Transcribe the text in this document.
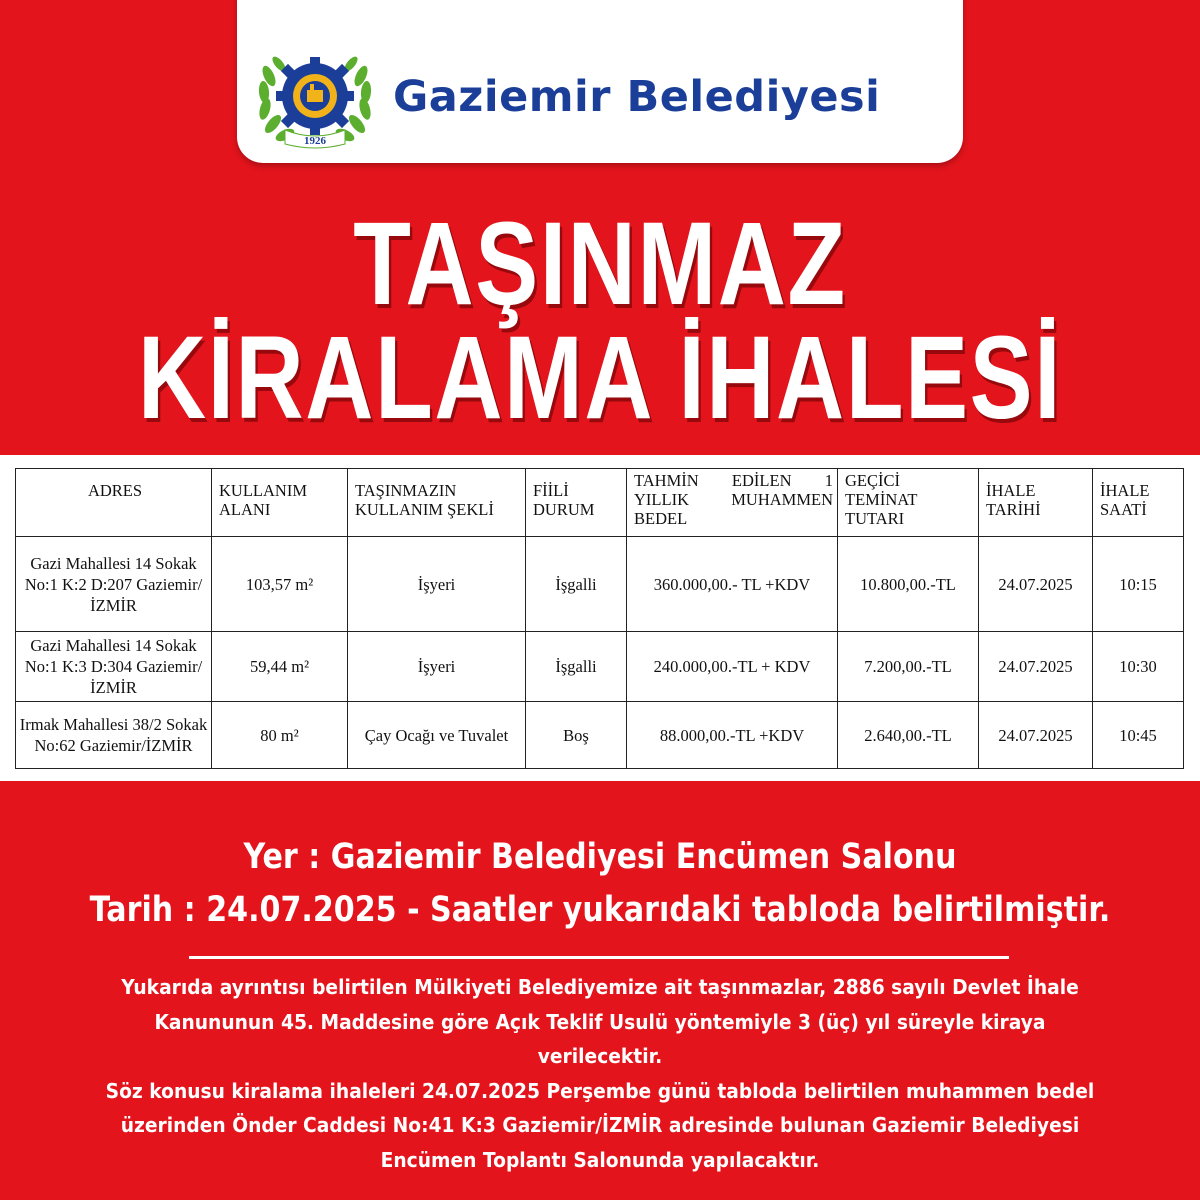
1926
Gaziemir Belediyesi
TAŞINMAZ
KİRALAMA İHALESİ
ADRES	KULLANIM ALANI	TAŞINMAZIN KULLANIM ŞEKLİ	FİİLİ DURUM	TAHMİN EDİLEN 1 YILLIK MUHAMMEN BEDEL	GEÇİCİ TEMİNAT TUTARI	İHALE TARİHİ	İHALE SAATİ
Gazi Mahallesi 14 Sokak No:1 K:2 D:207 Gaziemir/İZMİR	103,57 m²	İşyeri	İşgalli	360.000,00.- TL +KDV	10.800,00.-TL	24.07.2025	10:15
Gazi Mahallesi 14 Sokak No:1 K:3 D:304 Gaziemir/İZMİR	59,44 m²	İşyeri	İşgalli	240.000,00.-TL + KDV	7.200,00.-TL	24.07.2025	10:30
Irmak Mahallesi 38/2 Sokak No:62 Gaziemir/İZMİR	80 m²	Çay Ocağı ve Tuvalet	Boş	88.000,00.-TL +KDV	2.640,00.-TL	24.07.2025	10:45
Yer : Gaziemir Belediyesi Encümen Salonu
Tarih : 24.07.2025 - Saatler yukarıdaki tabloda belirtilmiştir.
Yukarıda ayrıntısı belirtilen Mülkiyeti Belediyemize ait taşınmazlar, 2886 sayılı Devlet İhale
Kanununun 45. Maddesine göre Açık Teklif Usulü yöntemiyle 3 (üç) yıl süreyle kiraya verilecektir.
Söz konusu kiralama ihaleleri 24.07.2025 Perşembe günü tabloda belirtilen muhammen bedel
üzerinden Önder Caddesi No:41 K:3 Gaziemir/İZMİR adresinde bulunan Gaziemir Belediyesi
Encümen Toplantı Salonunda yapılacaktır.
